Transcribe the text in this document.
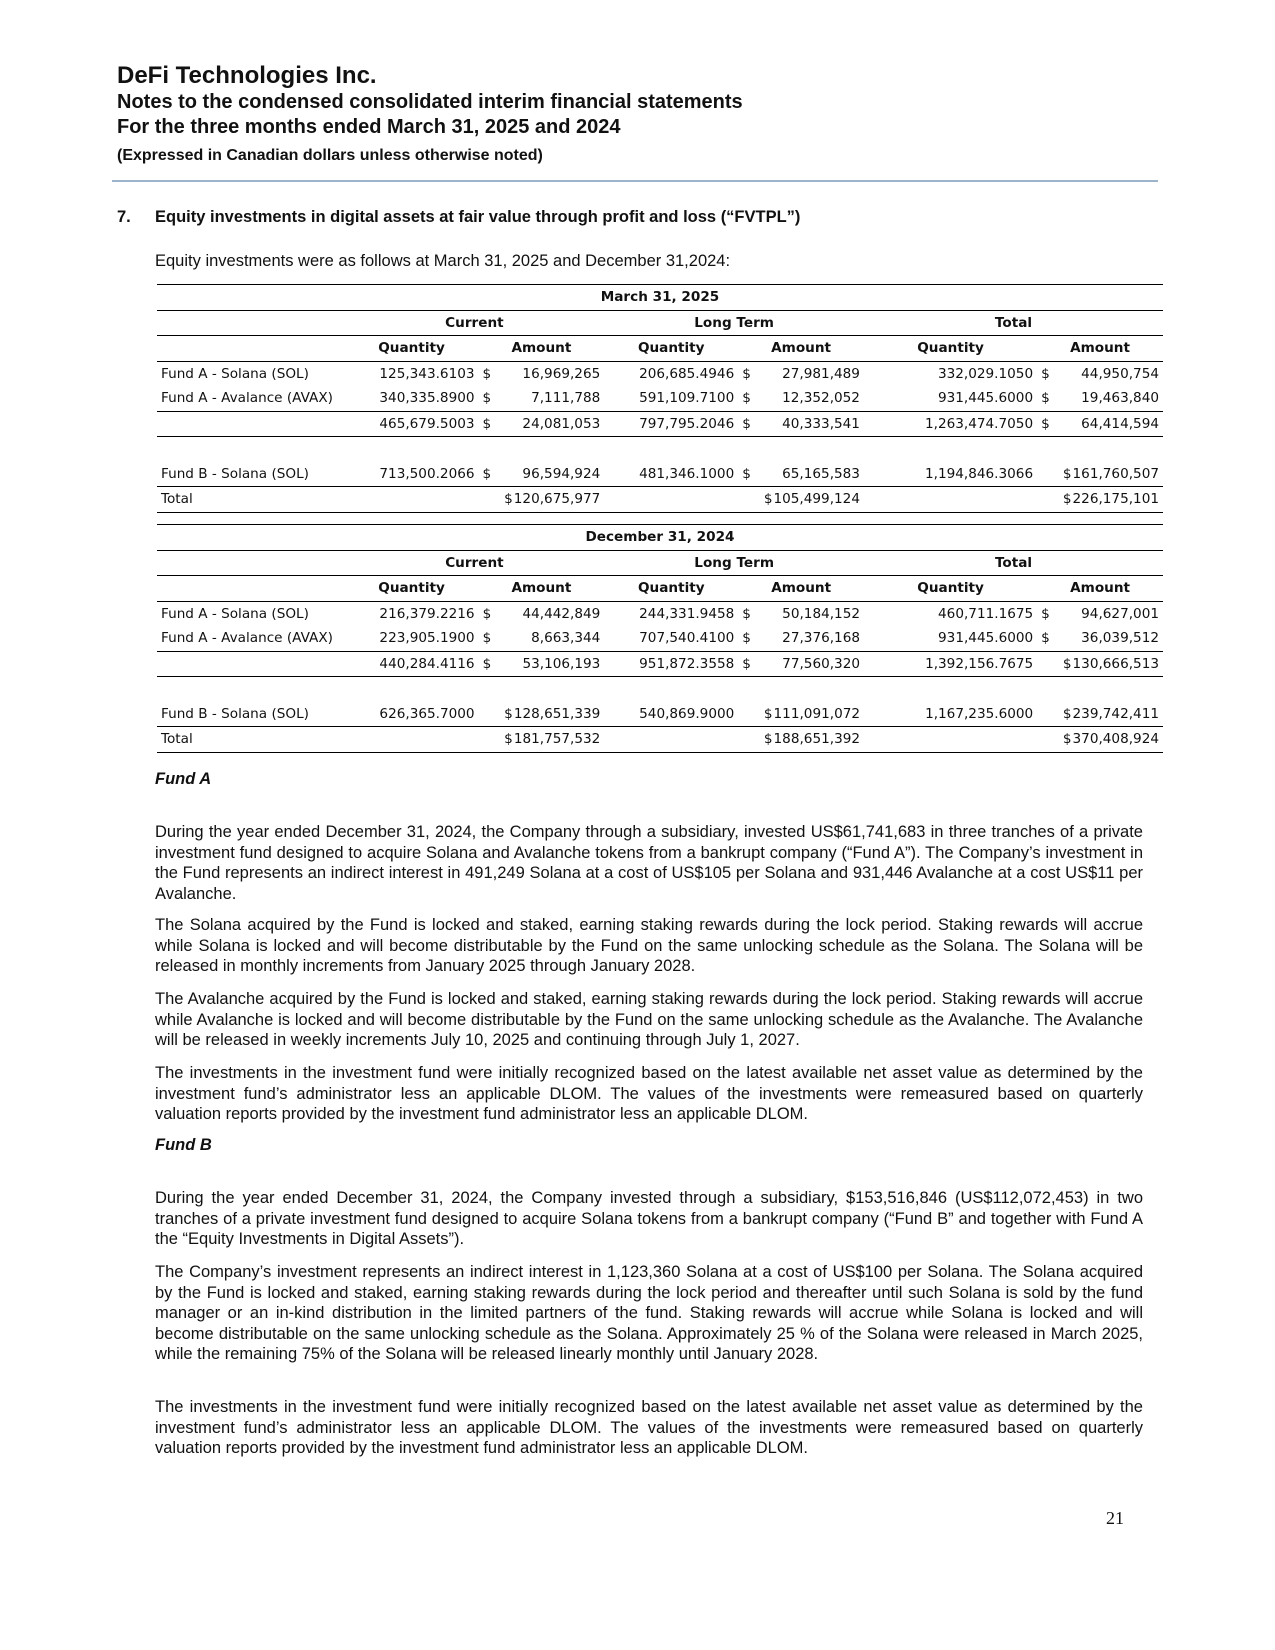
DeFi Technologies Inc.
Notes to the condensed consolidated interim financial statements
For the three months ended March 31, 2025 and 2024
(Expressed in Canadian dollars unless otherwise noted)
7. Equity investments in digital assets at fair value through profit and loss (“FVTPL”)
Equity investments were as follows at March 31, 2025 and December 31,2024:
March 31, 2025						
	Current		Long Term		Total	
	Quantity	Amount	Quantity	Amount	Quantity	Amount
Fund A - Solana (SOL)	125,343.6103	$ 16,969,265	206,685.4946	$ 27,981,489	332,029.1050	$ 44,950,754

Fund A - Avalance (AVAX)	340,335.8900	$ 7,111,788	591,109.7100	$ 12,352,052	931,445.6000	$ 19,463,840

	465,679.5003	$ 24,081,053	797,795.2046	$ 40,333,541	1,263,474.7050	$ 64,414,594

Fund B - Solana (SOL)	713,500.2066	$ 96,594,924	481,346.1000	$ 65,165,583	1,194,846.3066	$ 161,760,507

Total		$ 120,675,977		$ 105,499,124		$ 226,175,101
December 31, 2024						
	Current		Long Term		Total	
	Quantity	Amount	Quantity	Amount	Quantity	Amount
Fund A - Solana (SOL)	216,379.2216	$ 44,442,849	244,331.9458	$ 50,184,152	460,711.1675	$ 94,627,001

Fund A - Avalance (AVAX)	223,905.1900	$ 8,663,344	707,540.4100	$ 27,376,168	931,445.6000	$ 36,039,512

	440,284.4116	$ 53,106,193	951,872.3558	$ 77,560,320	1,392,156.7675	$ 130,666,513

Fund B - Solana (SOL)	626,365.7000	$ 128,651,339	540,869.9000	$ 111,091,072	1,167,235.6000	$ 239,742,411

Total		$ 181,757,532		$ 188,651,392		$ 370,408,924
Fund A
During the year ended December 31, 2024, the Company through a subsidiary, invested US$61,741,683 in three tranches of a private investment fund designed to acquire Solana and Avalanche tokens from a bankrupt company (“Fund A”). The Company’s investment in the Fund represents an indirect interest in 491,249 Solana at a cost of US$105 per Solana and 931,446 Avalanche at a cost US$11 per Avalanche.
The Solana acquired by the Fund is locked and staked, earning staking rewards during the lock period. Staking rewards will accrue while Solana is locked and will become distributable by the Fund on the same unlocking schedule as the Solana. The Solana will be released in monthly increments from January 2025 through January 2028.
The Avalanche acquired by the Fund is locked and staked, earning staking rewards during the lock period. Staking rewards will accrue while Avalanche is locked and will become distributable by the Fund on the same unlocking schedule as the Avalanche. The Avalanche will be released in weekly increments July 10, 2025 and continuing through July 1, 2027.
The investments in the investment fund were initially recognized based on the latest available net asset value as determined by the investment fund’s administrator less an applicable DLOM. The values of the investments were remeasured based on quarterly valuation reports provided by the investment fund administrator less an applicable DLOM.
Fund B
During the year ended December 31, 2024, the Company invested through a subsidiary, $153,516,846 (US$112,072,453) in two tranches of a private investment fund designed to acquire Solana tokens from a bankrupt company (“Fund B” and together with Fund A the “Equity Investments in Digital Assets”).
The Company’s investment represents an indirect interest in 1,123,360 Solana at a cost of US$100 per Solana. The Solana acquired by the Fund is locked and staked, earning staking rewards during the lock period and thereafter until such Solana is sold by the fund manager or an in-kind distribution in the limited partners of the fund. Staking rewards will accrue while Solana is locked and will become distributable on the same unlocking schedule as the Solana. Approximately 25 % of the Solana were released in March 2025, while the remaining 75% of the Solana will be released linearly monthly until January 2028.
The investments in the investment fund were initially recognized based on the latest available net asset value as determined by the investment fund’s administrator less an applicable DLOM. The values of the investments were remeasured based on quarterly valuation reports provided by the investment fund administrator less an applicable DLOM.
21
